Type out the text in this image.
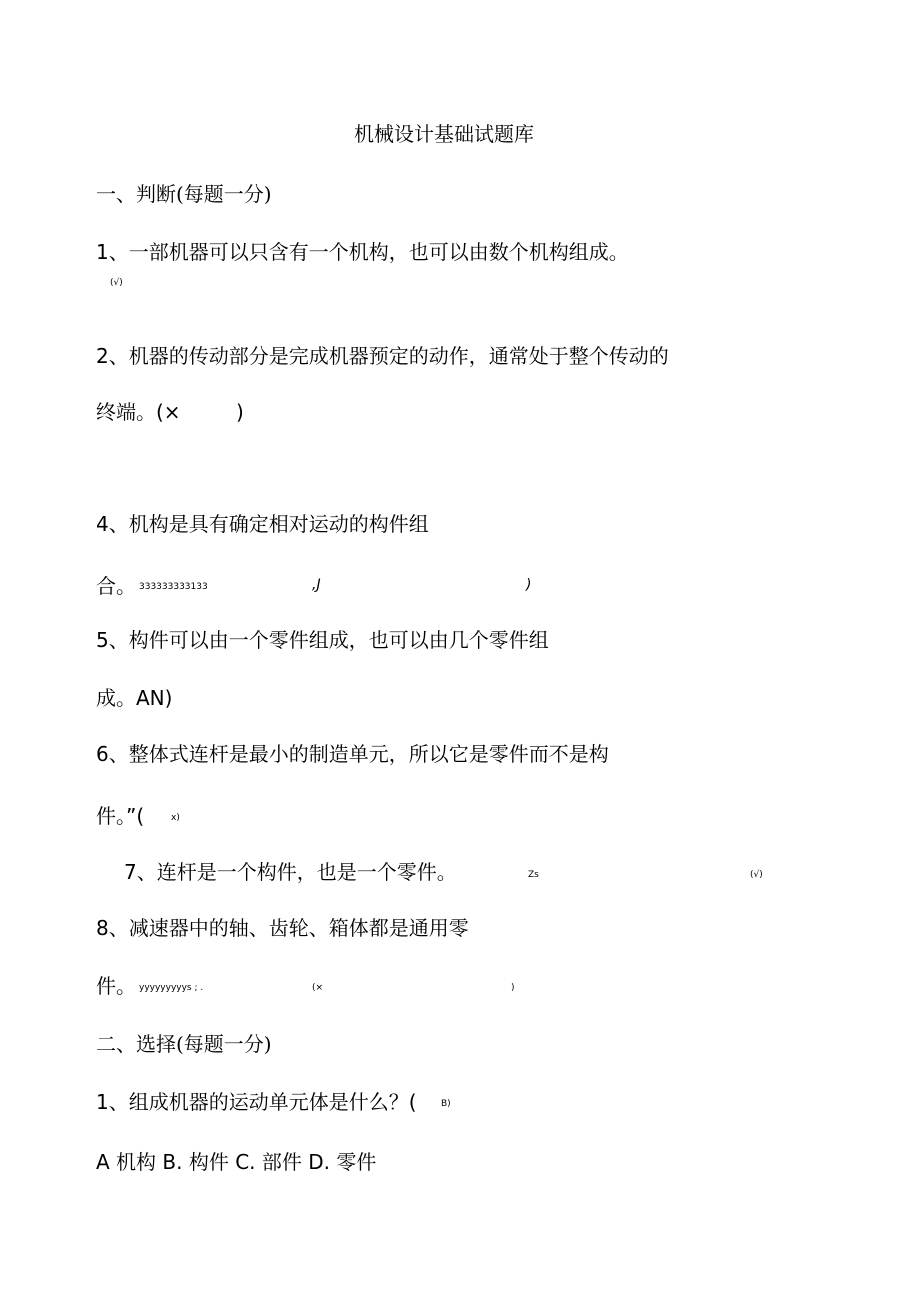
机械设计基础试题库
一、判断(每题一分)
1、一部机器可以只含有一个机构，也可以由数个机构组成。
(√)
2、机器的传动部分是完成机器预定的动作，通常处于整个传动的
终端。(×	)
4、机构是具有确定相对运动的构件组
合。 333333333133	,J	)
5、构件可以由一个零件组成，也可以由几个零件组
成。AN)
6、整体式连杆是最小的制造单元，所以它是零件而不是构
件。”(	x)
7、连杆是一个构件，也是一个零件。	Zs	(√)
8、减速器中的轴、齿轮、箱体都是通用零
件。 yyyyyyyyys ; .	(×	)
二、选择(每题一分)
1、组成机器的运动单元体是什么？(	B)
A 机构 B. 构件 C. 部件 D. 零件
